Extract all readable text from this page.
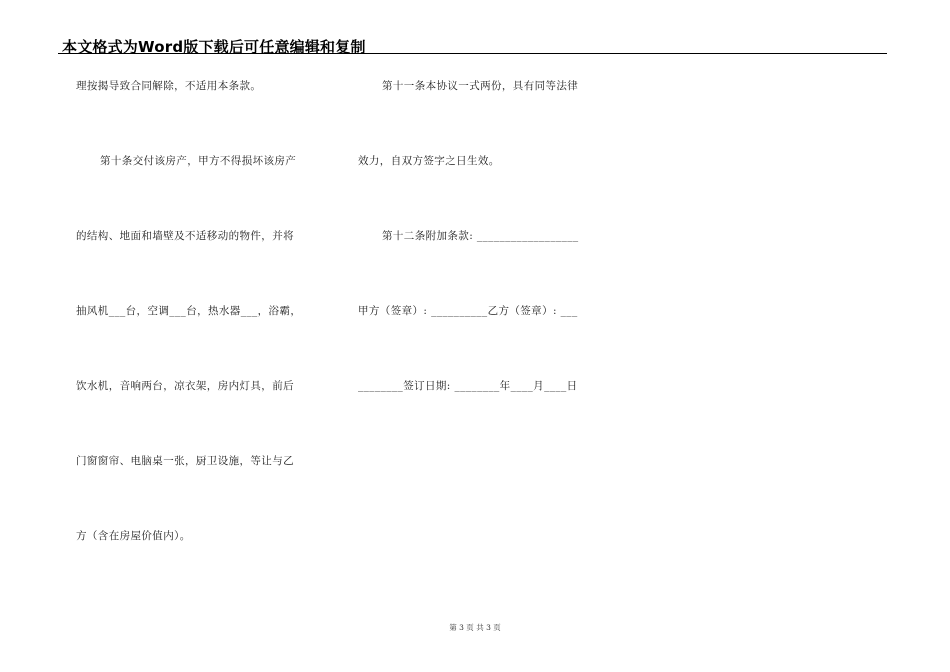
本文格式为Word版下载后可任意编辑和复制
理按揭导致合同解除，不适用本条款。
第十条交付该房产，甲方不得损坏该房产
的结构、地面和墙壁及不适移动的物件，并将
抽风机___台，空调___台，热水器___，浴霸，
饮水机，音响两台，凉衣架，房内灯具，前后
门窗窗帘、电脑桌一张，厨卫设施，等让与乙
方（含在房屋价值内）。
第十一条本协议一式两份，具有同等法律
效力，自双方签字之日生效。
第十二条附加条款: __________________
甲方（签章）: __________乙方（签章）: ___
________签订日期: ________年____月____日
第 3 页 共 3 页
